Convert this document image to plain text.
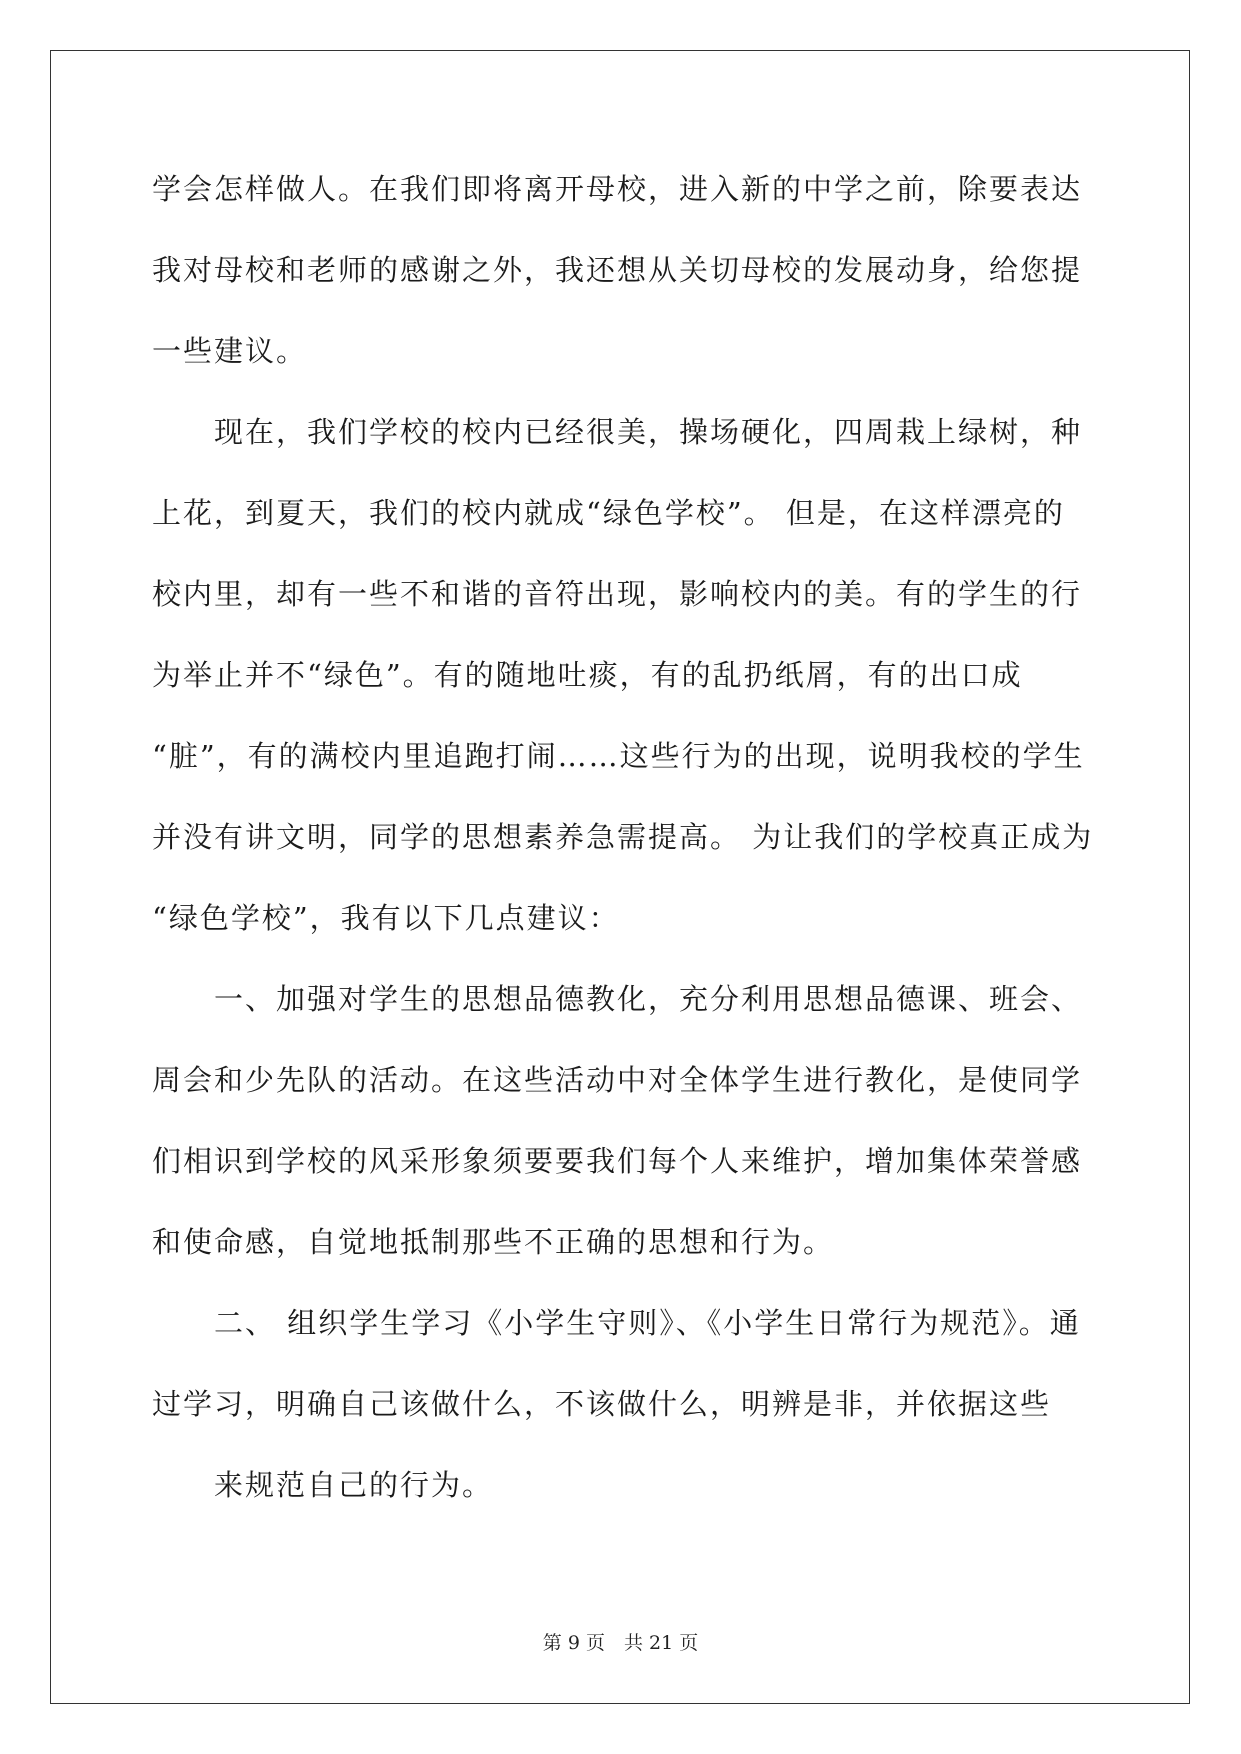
学会怎样做人。在我们即将离开母校，进入新的中学之前，除要表达
我对母校和老师的感谢之外，我还想从关切母校的发展动身，给您提
一些建议。
现在，我们学校的校内已经很美，操场硬化，四周栽上绿树，种
上花，到夏天，我们的校内就成“绿色学校”。 但是，在这样漂亮的
校内里，却有一些不和谐的音符出现，影响校内的美。有的学生的行
为举止并不“绿色”。有的随地吐痰，有的乱扔纸屑，有的出口成
“脏”，有的满校内里追跑打闹……这些行为的出现，说明我校的学生
并没有讲文明，同学的思想素养急需提高。 为让我们的学校真正成为
“绿色学校”，我有以下几点建议：
一、加强对学生的思想品德教化，充分利用思想品德课、班会、
周会和少先队的活动。在这些活动中对全体学生进行教化，是使同学
们相识到学校的风采形象须要要我们每个人来维护，增加集体荣誉感
和使命感，自觉地抵制那些不正确的思想和行为。
二、 组织学生学习《小学生守则》、《小学生日常行为规范》。通
过学习，明确自己该做什么，不该做什么，明辨是非，并依据这些
来规范自己的行为。
第 9 页　共 21 页
